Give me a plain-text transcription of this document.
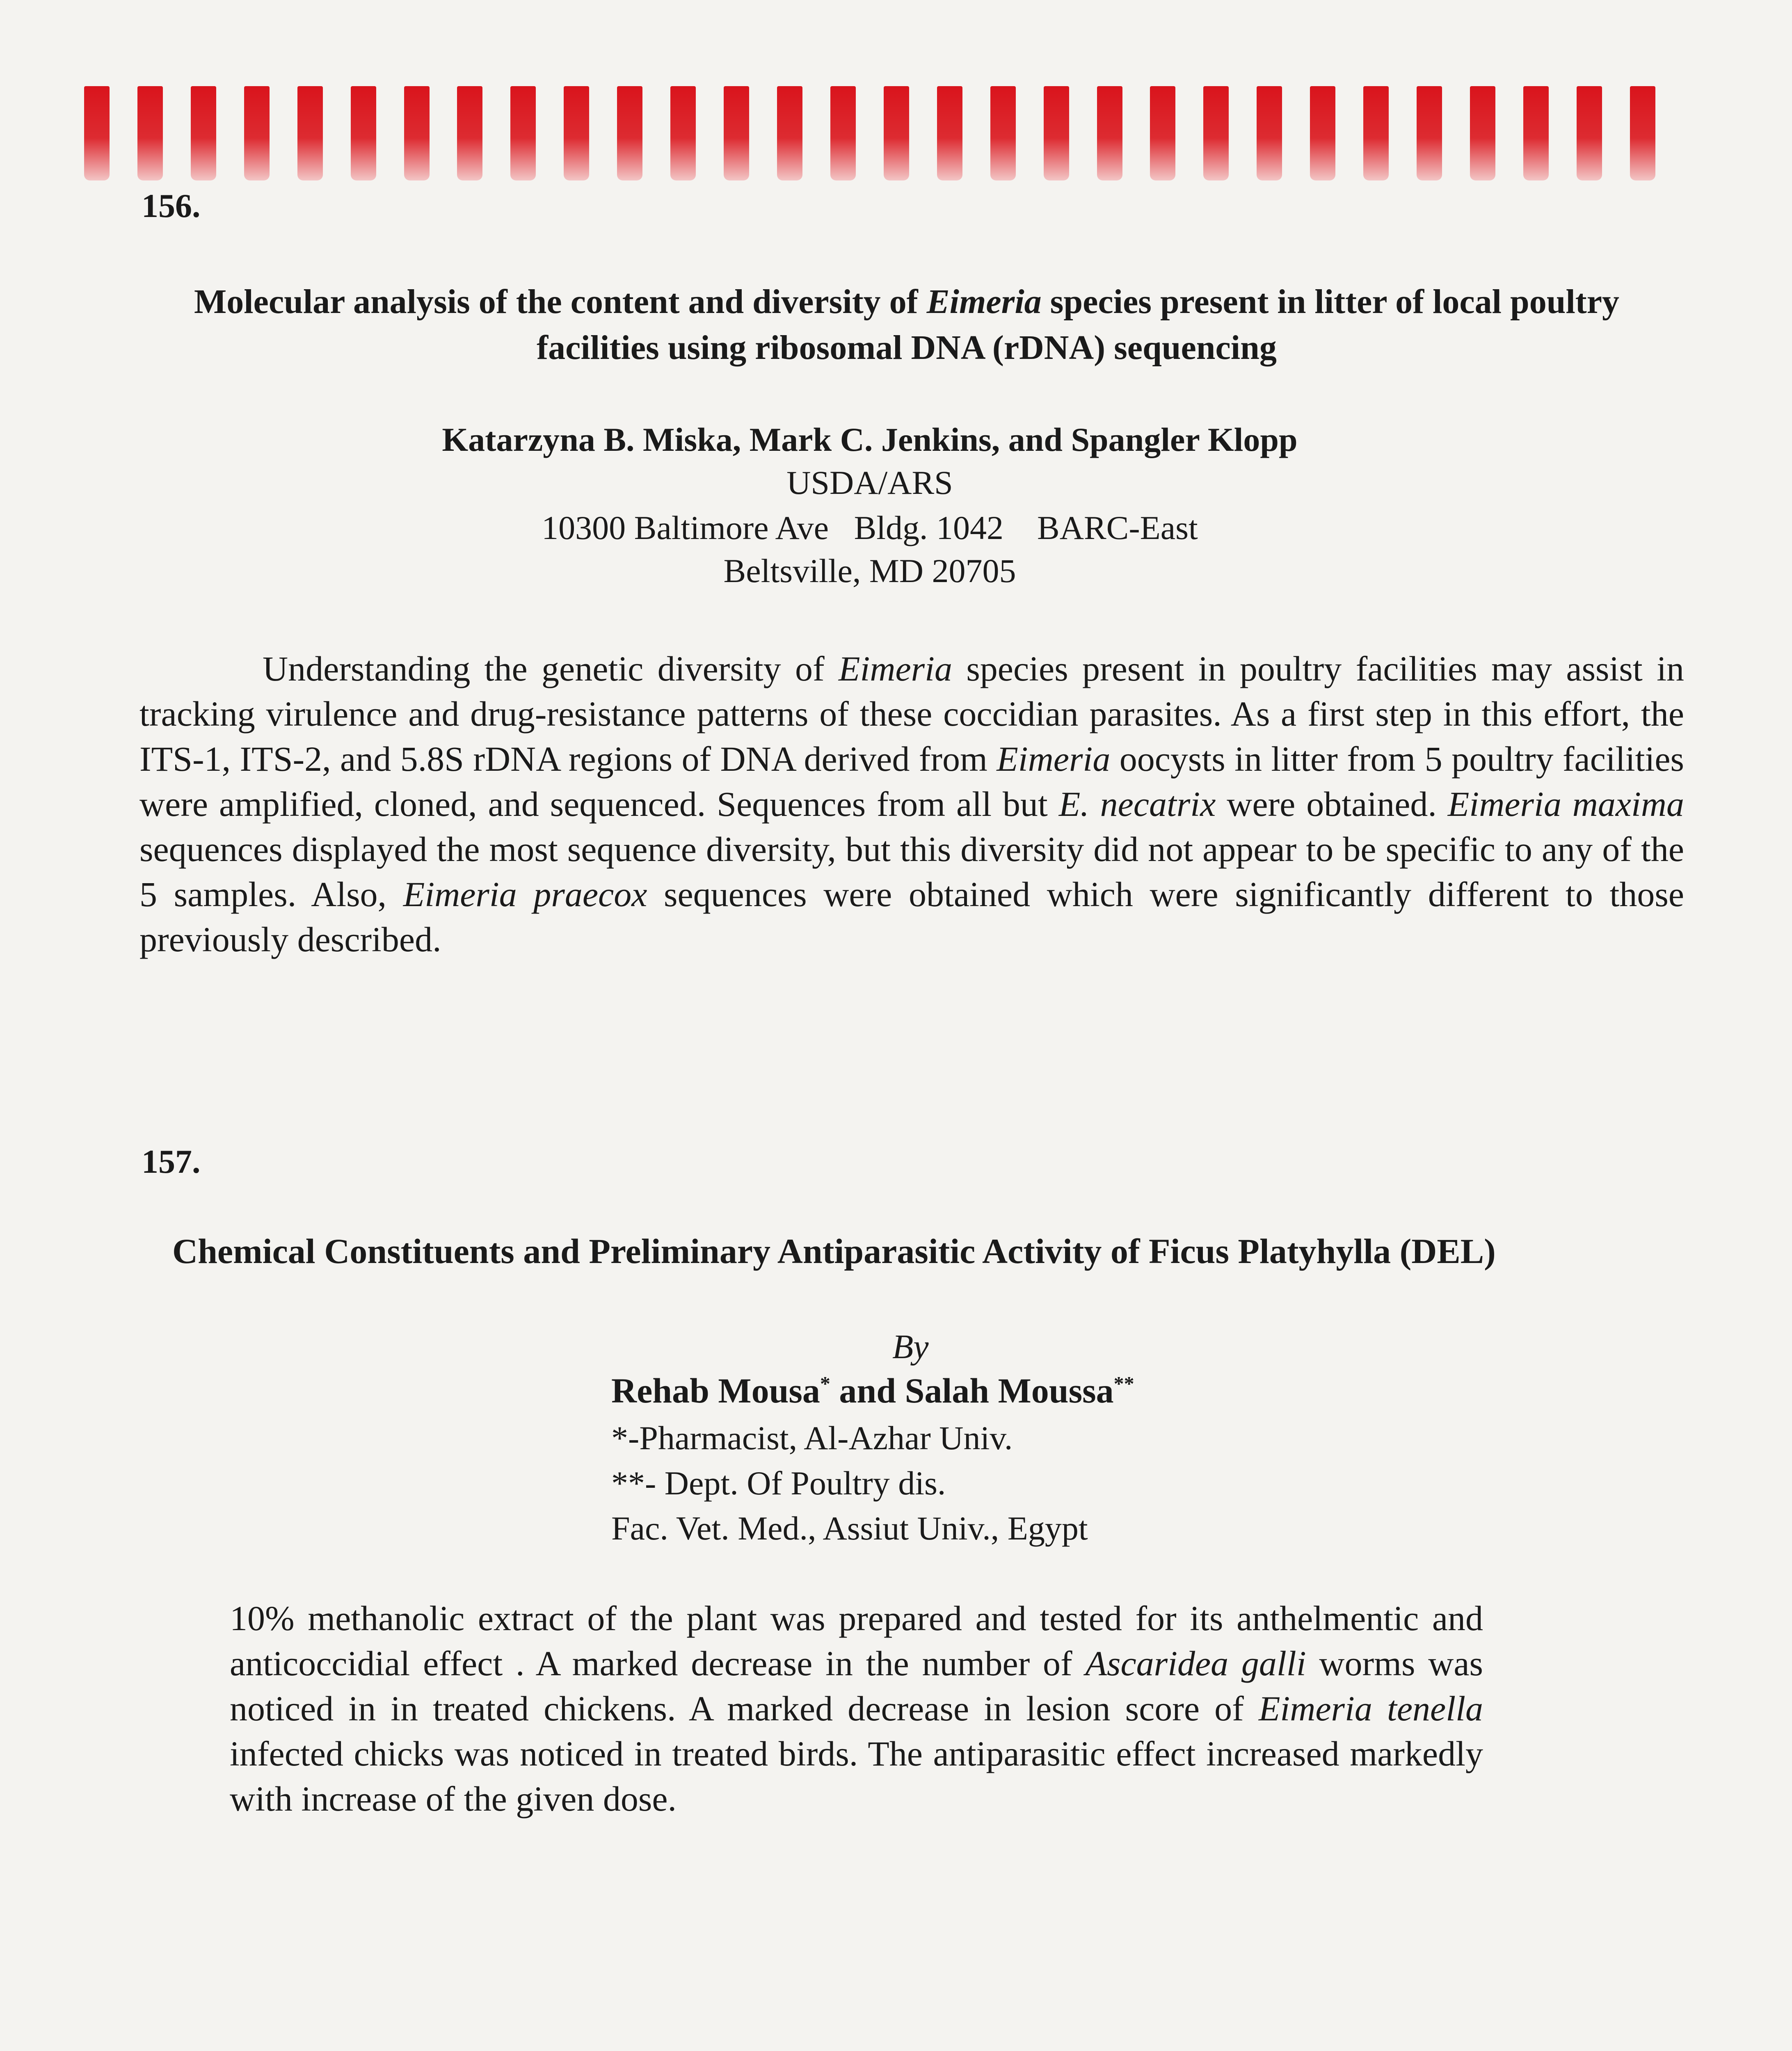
156.
Molecular analysis of the content and diversity of Eimeria species present in litter of local poultry facilities using ribosomal DNA (rDNA) sequencing
Katarzyna B. Miska, Mark C. Jenkins, and Spangler Klopp
USDA/ARS
10300 Baltimore Ave   Bldg. 1042    BARC-East
Beltsville, MD 20705
Understanding the genetic diversity of Eimeria species present in poultry facilities may assist in tracking virulence and drug-resistance patterns of these coccidian parasites. As a first step in this effort, the ITS-1, ITS-2, and 5.8S rDNA regions of DNA derived from Eimeria oocysts in litter from 5 poultry facilities were amplified, cloned, and sequenced. Sequences from all but E. necatrix were obtained. Eimeria maxima sequences displayed the most sequence diversity, but this diversity did not appear to be specific to any of the 5 samples. Also, Eimeria praecox sequences were obtained which were significantly different to those previously described.
157.
Chemical Constituents and Preliminary Antiparasitic Activity of Ficus Platyhylla (DEL)
By
Rehab Mousa* and Salah Moussa**
*-Pharmacist, Al-Azhar Univ.
**- Dept. Of Poultry dis.
Fac. Vet. Med., Assiut Univ., Egypt
10% methanolic extract of the plant was prepared and tested for its anthelmentic and anticoccidial effect . A marked decrease in the number of Ascaridea galli worms was noticed in in treated chickens. A marked decrease in lesion score of Eimeria tenella infected chicks was noticed in treated birds. The antiparasitic effect increased markedly with increase of the given dose.
